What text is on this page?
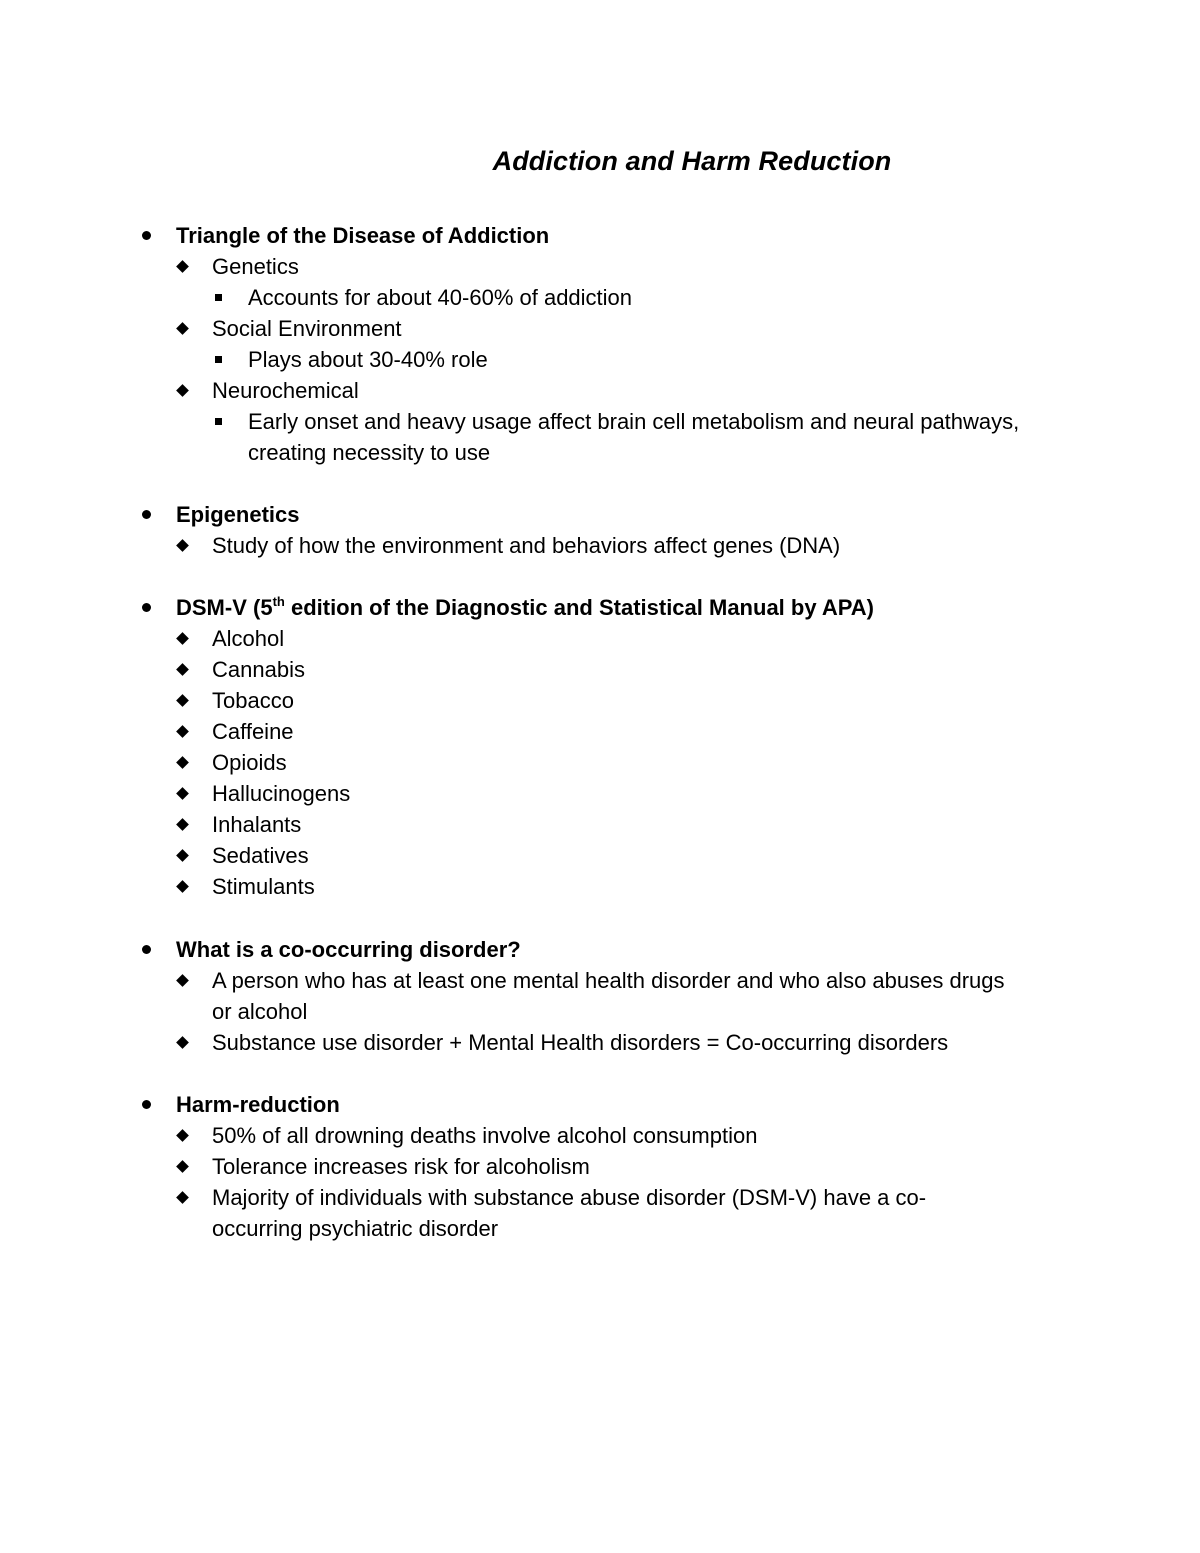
Addiction and Harm Reduction
Triangle of the Disease of Addiction
Genetics
Accounts for about 40-60% of addiction
Social Environment
Plays about 30-40% role
Neurochemical
Early onset and heavy usage affect brain cell metabolism and neural pathways,
creating necessity to use
Epigenetics
Study of how the environment and behaviors affect genes (DNA)
DSM-V (5th edition of the Diagnostic and Statistical Manual by APA)
Alcohol
Cannabis
Tobacco
Caffeine
Opioids
Hallucinogens
Inhalants
Sedatives
Stimulants
What is a co-occurring disorder?
A person who has at least one mental health disorder and who also abuses drugs
or alcohol
Substance use disorder + Mental Health disorders = Co-occurring disorders
Harm-reduction
50% of all drowning deaths involve alcohol consumption
Tolerance increases risk for alcoholism
Majority of individuals with substance abuse disorder (DSM-V) have a co-
occurring psychiatric disorder
